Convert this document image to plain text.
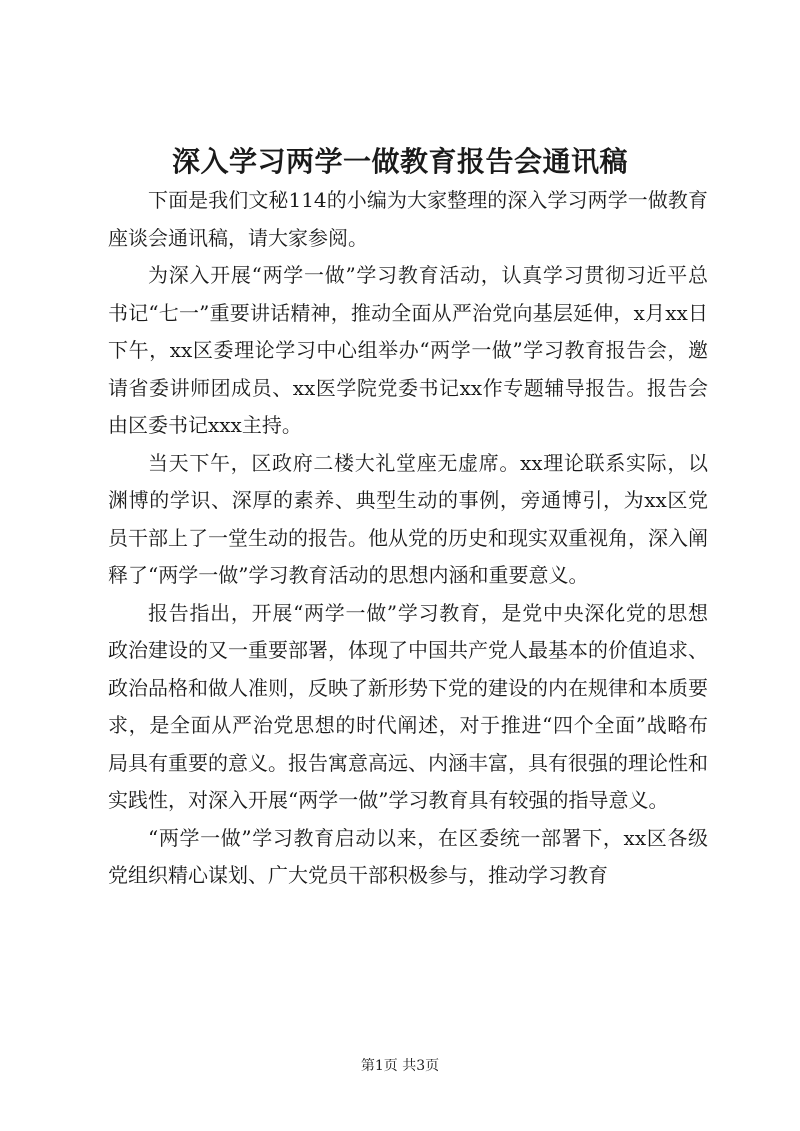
深入学习两学一做教育报告会通讯稿

下面是我们文秘114的小编为大家整理的深入学习两学一做教育座谈会通讯稿，请大家参阅。

为深入开展“两学一做”学习教育活动，认真学习贯彻习近平总书记“七一”重要讲话精神，推动全面从严治党向基层延伸，x月xx日下午，xx区委理论学习中心组举办“两学一做”学习教育报告会，邀请省委讲师团成员、xx医学院党委书记xx作专题辅导报告。报告会由区委书记xxx主持。

当天下午，区政府二楼大礼堂座无虚席。xx理论联系实际，以渊博的学识、深厚的素养、典型生动的事例，旁通博引，为xx区党员干部上了一堂生动的报告。他从党的历史和现实双重视角，深入阐释了“两学一做”学习教育活动的思想内涵和重要意义。

报告指出，开展“两学一做”学习教育，是党中央深化党的思想政治建设的又一重要部署，体现了中国共产党人最基本的价值追求、政治品格和做人准则，反映了新形势下党的建设的内在规律和本质要求，是全面从严治党思想的时代阐述，对于推进“四个全面”战略布局具有重要的意义。报告寓意高远、内涵丰富，具有很强的理论性和实践性，对深入开展“两学一做”学习教育具有较强的指导意义。

“两学一做”学习教育启动以来，在区委统一部署下，xx区各级党组织精心谋划、广大党员干部积极参与，推动学习教育

第1页 共3页
